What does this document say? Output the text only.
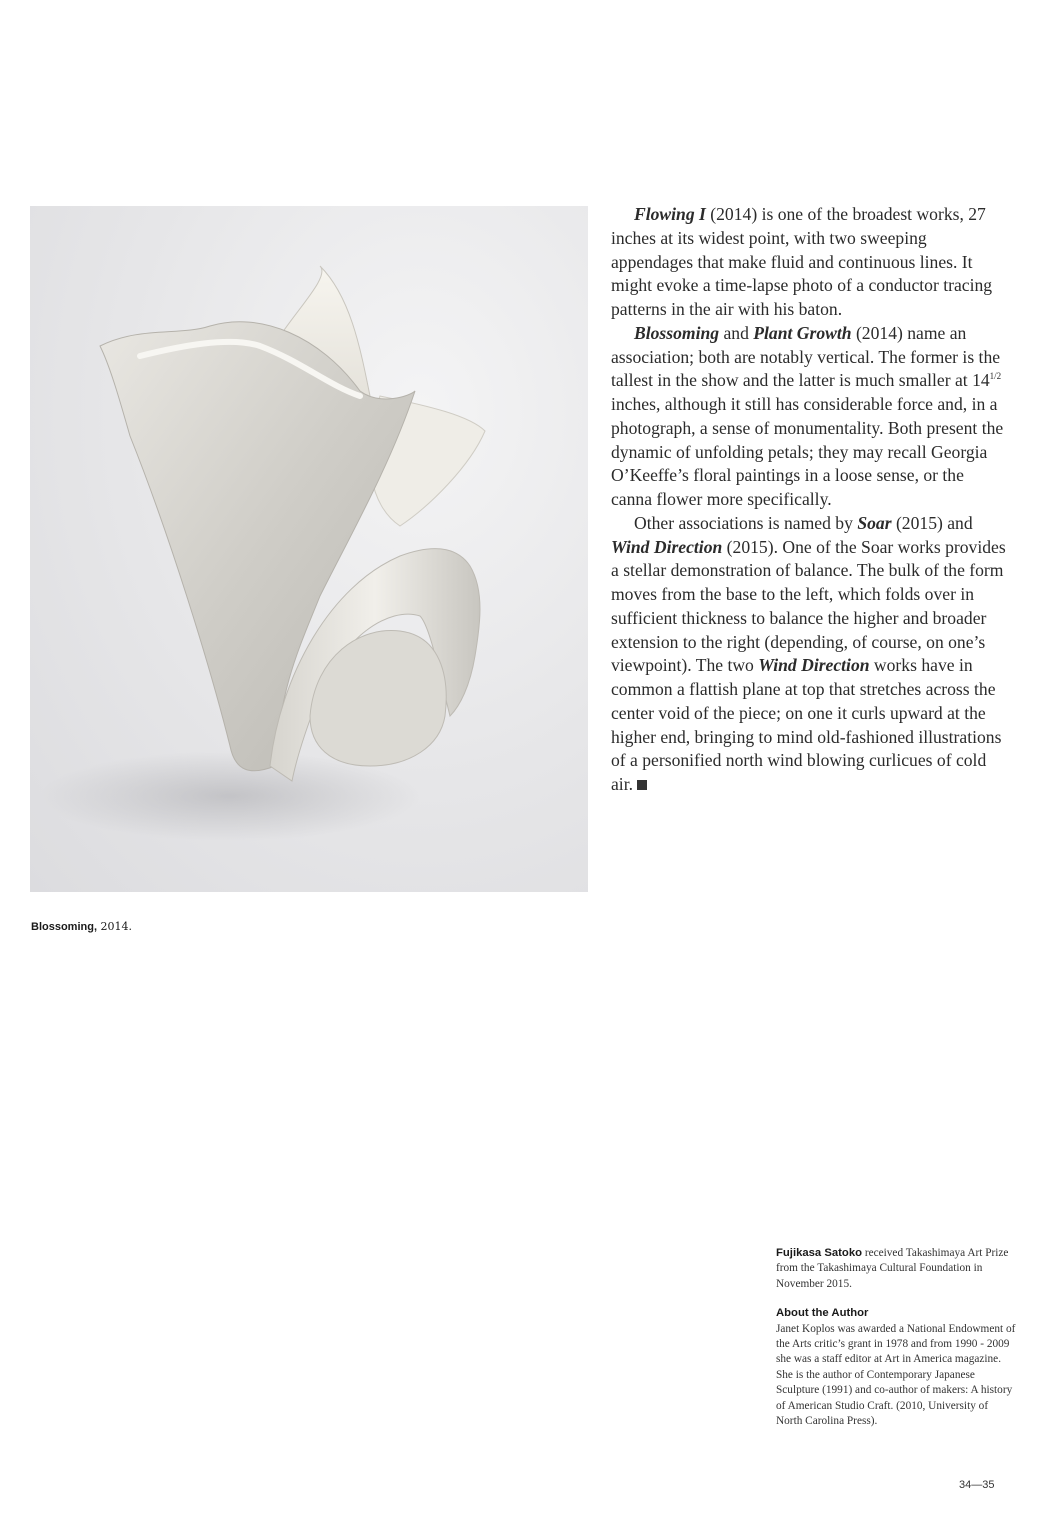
Blossoming, 2014.

Flowing I (2014) is one of the broadest works, 27 inches at its widest point, with two sweeping appendages that make fluid and continuous lines. It might evoke a time-lapse photo of a conductor tracing patterns in the air with his baton.

Blossoming and Plant Growth (2014) name an association; both are notably vertical. The former is the tallest in the show and the latter is much smaller at $14^{1/2}$ inches, although it still has considerable force and, in a photograph, a sense of monumentality. Both present the dynamic of unfolding petals; they may recall Georgia O’Keeffe’s floral paintings in a loose sense, or the canna flower more specifically.

Other associations is named by Soar (2015) and Wind Direction (2015). One of the Soar works provides a stellar demonstration of balance. The bulk of the form moves from the base to the left, which folds over in sufficient thickness to balance the higher and broader extension to the right (depending, of course, on one’s viewpoint). The two Wind Direction works have in common a flattish plane at top that stretches across the center void of the piece; on one it curls upward at the higher end, bringing to mind old-fashioned illustrations of a personified north wind blowing curlicues of cold air.

Fujikasa Satoko received Takashimaya Art Prize from the Takashimaya Cultural Foundation in November 2015.

About the Author

Janet Koplos was awarded a National Endowment of the Arts critic’s grant in 1978 and from 1990 - 2009 she was a staff editor at Art in America magazine. She is the author of Contemporary Japanese Sculpture (1991) and co-author of makers: A history of American Studio Craft. (2010, University of North Carolina Press).

34—35
